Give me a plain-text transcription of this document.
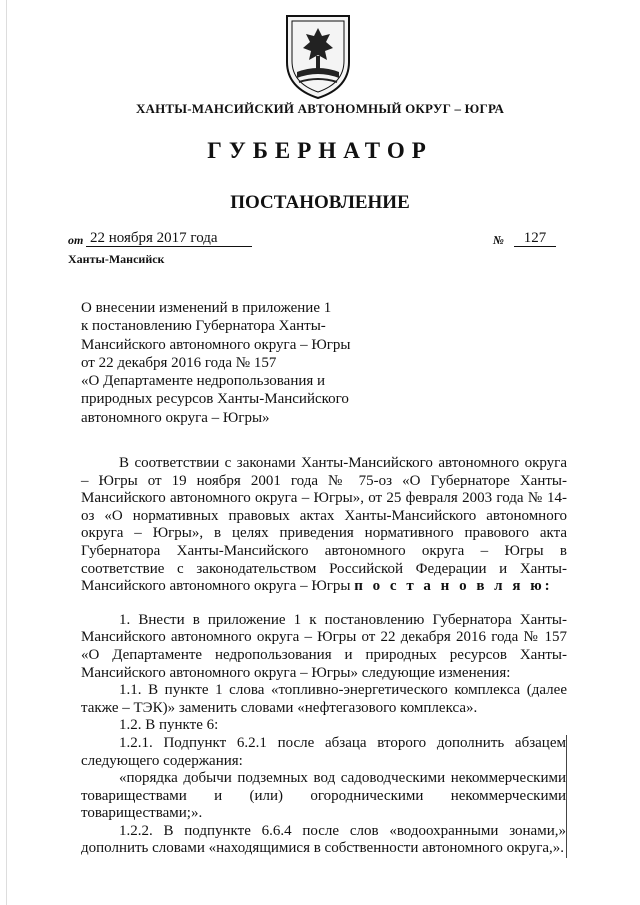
ХАНТЫ-МАНСИЙСКИЙ АВТОНОМНЫЙ ОКРУГ – ЮГРА
ГУБЕРНАТОР
ПОСТАНОВЛЕНИЕ
от 22 ноября 2017 года	№	127
Ханты-Мансийск
О внесении изменений в приложение 1
к постановлению Губернатора Ханты-
Мансийского автономного округа – Югры
от 22 декабря 2016 года № 157
«О Департаменте недропользования и
природных ресурсов Ханты-Мансийского
автономного округа – Югры»
В соответствии с законами Ханты-Мансийского автономного округа – Югры от 19 ноября 2001 года № 75-оз «О Губернаторе Ханты-Мансийского автономного округа – Югры», от 25 февраля 2003 года № 14-оз «О нормативных правовых актах Ханты-Мансийского автономного округа – Югры», в целях приведения нормативного правового акта Губернатора Ханты-Мансийского автономного округа – Югры в соответствие с законодательством Российской Федерации и Ханты-Мансийского автономного округа – Югры п о с т а н о в л я ю:
1. Внести в приложение 1 к постановлению Губернатора Ханты-Мансийского автономного округа – Югры от 22 декабря 2016 года № 157 «О Департаменте недропользования и природных ресурсов Ханты-Мансийского автономного округа – Югры» следующие изменения:
1.1. В пункте 1 слова «топливно-энергетического комплекса (далее также – ТЭК)» заменить словами «нефтегазового комплекса».
1.2. В пункте 6:
1.2.1. Подпункт 6.2.1 после абзаца второго дополнить абзацем следующего содержания:
«порядка добычи подземных вод садоводческими некоммерческими товариществами и (или) огородническими некоммерческими товариществами;».
1.2.2. В подпункте 6.6.4 после слов «водоохранными зонами,» дополнить словами «находящимися в собственности автономного округа,».
